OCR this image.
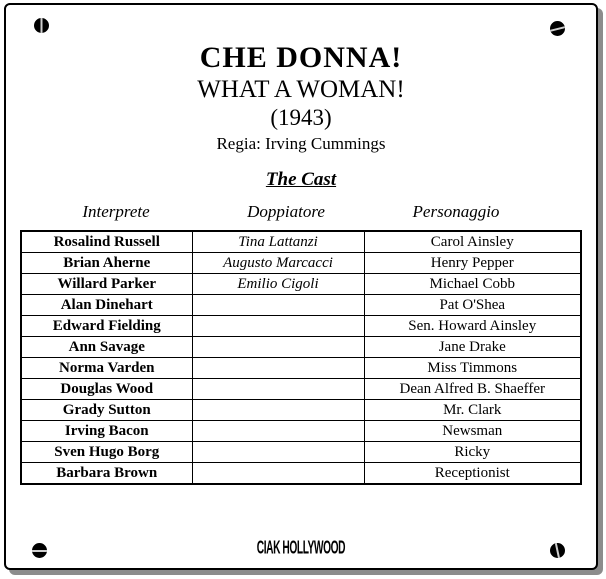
CHE DONNA!
WHAT A WOMAN!
(1943)
Regia: Irving Cummings
The Cast
Interprete	Doppiatore	Personaggio
Rosalind Russell	Tina Lattanzi	Carol Ainsley
Brian Aherne	Augusto Marcacci	Henry Pepper
Willard Parker	Emilio Cigoli	Michael Cobb
Alan Dinehart		Pat O'Shea
Edward Fielding		Sen. Howard Ainsley
Ann Savage		Jane Drake
Norma Varden		Miss Timmons
Douglas Wood		Dean Alfred B. Shaeffer
Grady Sutton		Mr. Clark
Irving Bacon		Newsman
Sven Hugo Borg		Ricky
Barbara Brown		Receptionist
CIAK HOLLYWOOD
